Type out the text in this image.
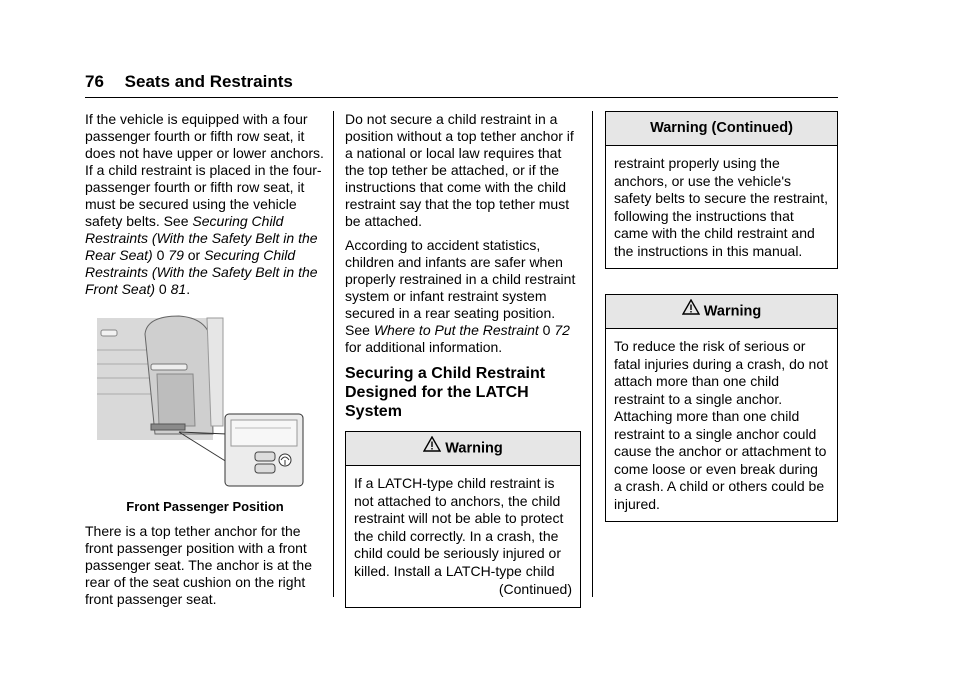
76 Seats and Restraints

If the vehicle is equipped with a four passenger fourth or fifth row seat, it does not have upper or lower anchors. If a child restraint is placed in the four- passenger fourth or fifth row seat, it must be secured using the vehicle safety belts. See Securing Child Restraints (With the Safety Belt in the Rear Seat) 0 79 or Securing Child Restraints (With the Safety Belt in the Front Seat) 0 81.

Front Passenger Position

There is a top tether anchor for the front passenger position with a front passenger seat. The anchor is at the rear of the seat cushion on the right front passenger seat.

Do not secure a child restraint in a position without a top tether anchor if a national or local law requires that the top tether be attached, or if the instructions that come with the child restraint say that the top tether must be attached.

According to accident statistics, children and infants are safer when properly restrained in a child restraint system or infant restraint system secured in a rear seating position. See Where to Put the Restraint 0 72 for additional information.

Securing a Child Restraint Designed for the LATCH System
Warning
If a LATCH-type child restraint is not attached to anchors, the child restraint will not be able to protect the child correctly. In a crash, the child could be seriously injured or killed. Install a LATCH-type child
(Continued)
Warning (Continued)
restraint properly using the anchors, or use the vehicle's safety belts to secure the restraint, following the instructions that came with the child restraint and the instructions in this manual.
Warning
To reduce the risk of serious or fatal injuries during a crash, do not attach more than one child restraint to a single anchor. Attaching more than one child restraint to a single anchor could cause the anchor or attachment to come loose or even break during a crash. A child or others could be injured.
